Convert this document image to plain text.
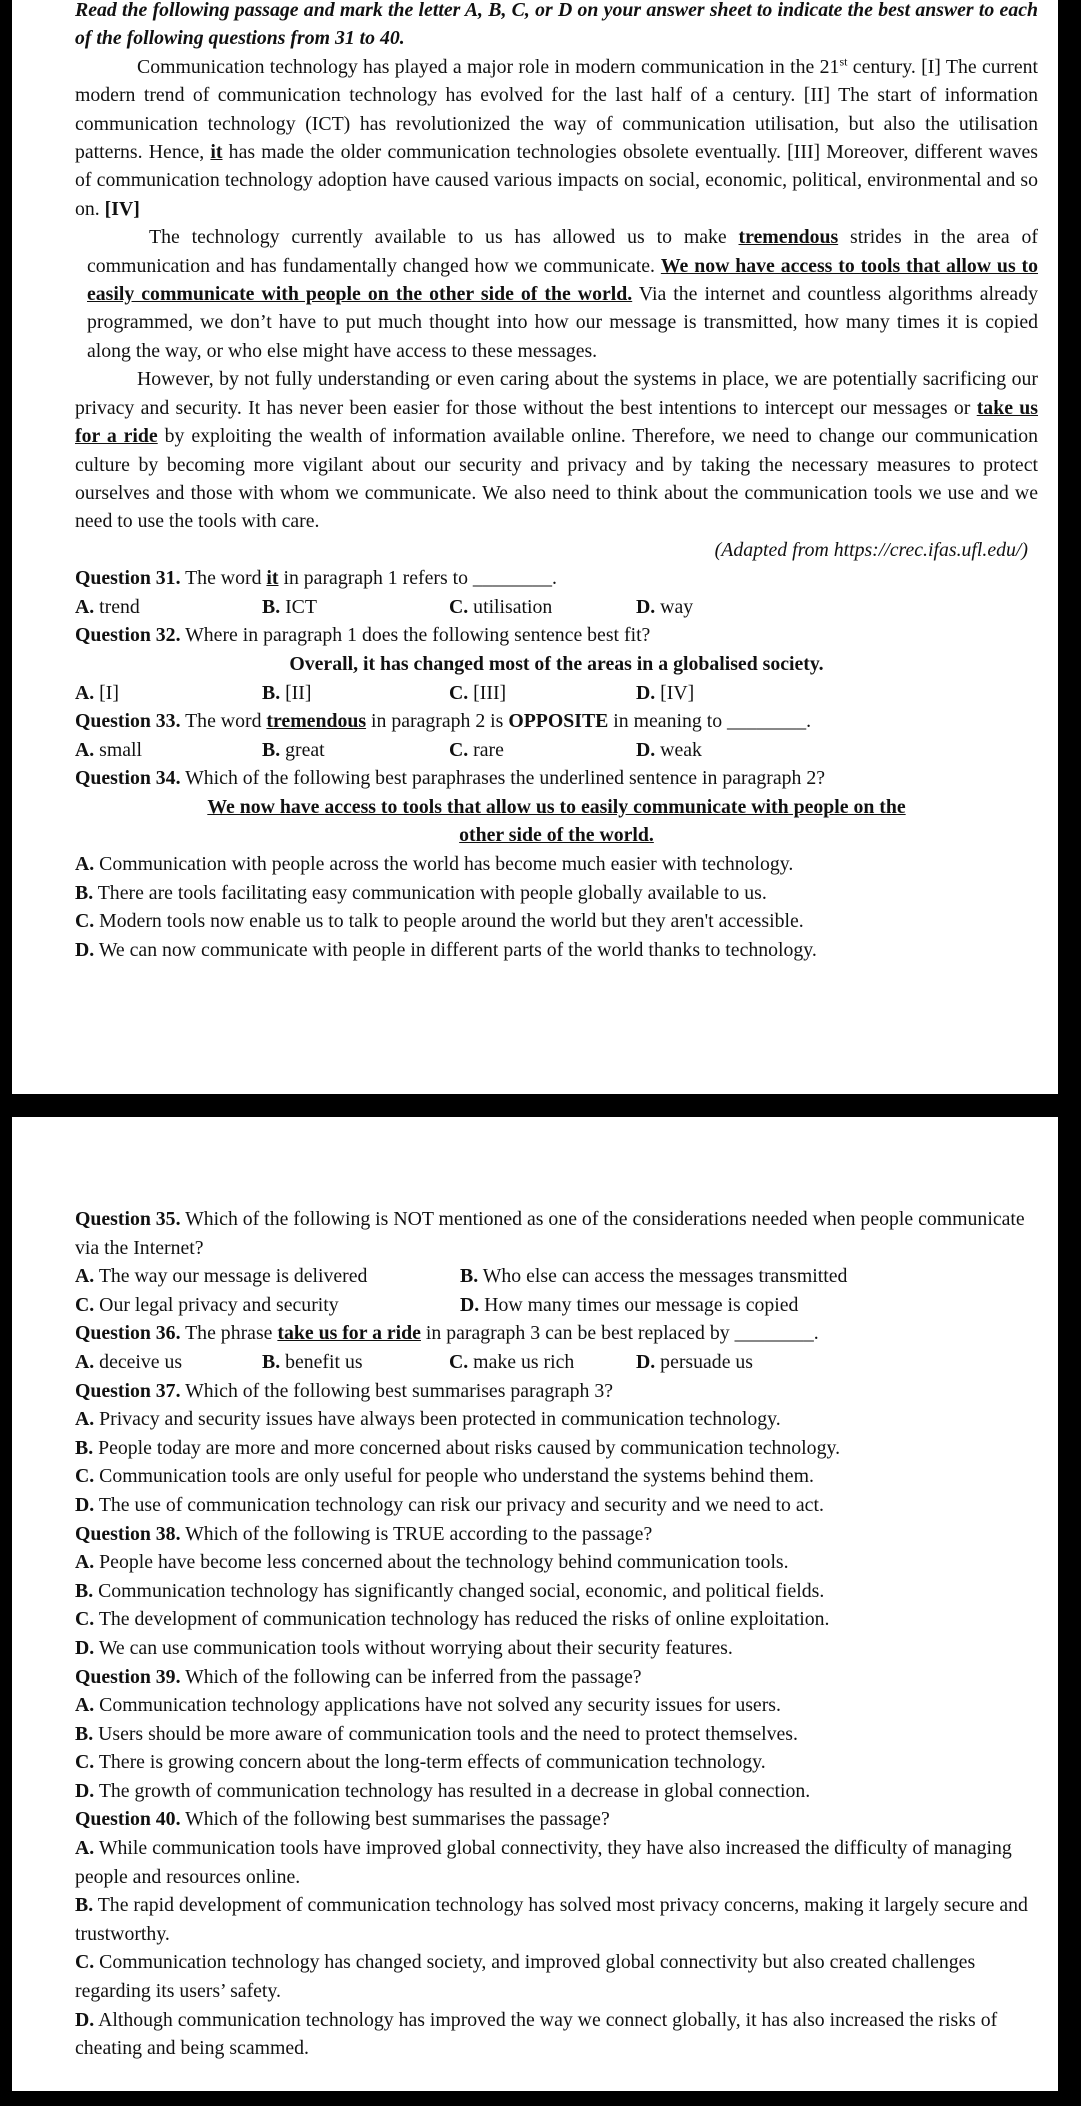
Read the following passage and mark the letter A, B, C, or D on your answer sheet to indicate the best answer to each of the following questions from 31 to 40.

Communication technology has played a major role in modern communication in the 21st century. [I] The current modern trend of communication technology has evolved for the last half of a century. [II] The start of information communication technology (ICT) has revolutionized the way of communication utilisation, but also the utilisation patterns. Hence, it has made the older communication technologies obsolete eventually. [III] Moreover, different waves of communication technology adoption have caused various impacts on social, economic, political, environmental and so on. [IV]

The technology currently available to us has allowed us to make tremendous strides in the area of communication and has fundamentally changed how we communicate. We now have access to tools that allow us to easily communicate with people on the other side of the world. Via the internet and countless algorithms already programmed, we don’t have to put much thought into how our message is transmitted, how many times it is copied along the way, or who else might have access to these messages.

However, by not fully understanding or even caring about the systems in place, we are potentially sacrificing our privacy and security. It has never been easier for those without the best intentions to intercept our messages or take us for a ride by exploiting the wealth of information available online. Therefore, we need to change our communication culture by becoming more vigilant about our security and privacy and by taking the necessary measures to protect ourselves and those with whom we communicate. We also need to think about the communication tools we use and we need to use the tools with care.

(Adapted from https://crec.ifas.ufl.edu/)

Question 31. The word it in paragraph 1 refers to ________.

A. trend	B. ICT	C. utilisation	D. way

Question 32. Where in paragraph 1 does the following sentence best fit?

Overall, it has changed most of the areas in a globalised society.

A. [I]	B. [II]	C. [III]	D. [IV]

Question 33. The word tremendous in paragraph 2 is OPPOSITE in meaning to ________.

A. small	B. great	C. rare	D. weak

Question 34. Which of the following best paraphrases the underlined sentence in paragraph 2?

We now have access to tools that allow us to easily communicate with people on the

other side of the world.

A. Communication with people across the world has become much easier with technology.

B. There are tools facilitating easy communication with people globally available to us.

C. Modern tools now enable us to talk to people around the world but they aren't accessible.

D. We can now communicate with people in different parts of the world thanks to technology.

Question 35. Which of the following is NOT mentioned as one of the considerations needed when people communicate via the Internet?

A. The way our message is delivered	B. Who else can access the messages transmitted
C. Our legal privacy and security	D. How many times our message is copied

Question 36. The phrase take us for a ride in paragraph 3 can be best replaced by ________.

A. deceive us	B. benefit us	C. make us rich	D. persuade us

Question 37. Which of the following best summarises paragraph 3?

A. Privacy and security issues have always been protected in communication technology.

B. People today are more and more concerned about risks caused by communication technology.

C. Communication tools are only useful for people who understand the systems behind them.

D. The use of communication technology can risk our privacy and security and we need to act.

Question 38. Which of the following is TRUE according to the passage?

A. People have become less concerned about the technology behind communication tools.

B. Communication technology has significantly changed social, economic, and political fields.

C. The development of communication technology has reduced the risks of online exploitation.

D. We can use communication tools without worrying about their security features.

Question 39. Which of the following can be inferred from the passage?

A. Communication technology applications have not solved any security issues for users.

B. Users should be more aware of communication tools and the need to protect themselves.

C. There is growing concern about the long-term effects of communication technology.

D. The growth of communication technology has resulted in a decrease in global connection.

Question 40. Which of the following best summarises the passage?

A. While communication tools have improved global connectivity, they have also increased the difficulty of managing people and resources online.

B. The rapid development of communication technology has solved most privacy concerns, making it largely secure and trustworthy.

C. Communication technology has changed society, and improved global connectivity but also created challenges regarding its users’ safety.

D. Although communication technology has improved the way we connect globally, it has also increased the risks of cheating and being scammed.
